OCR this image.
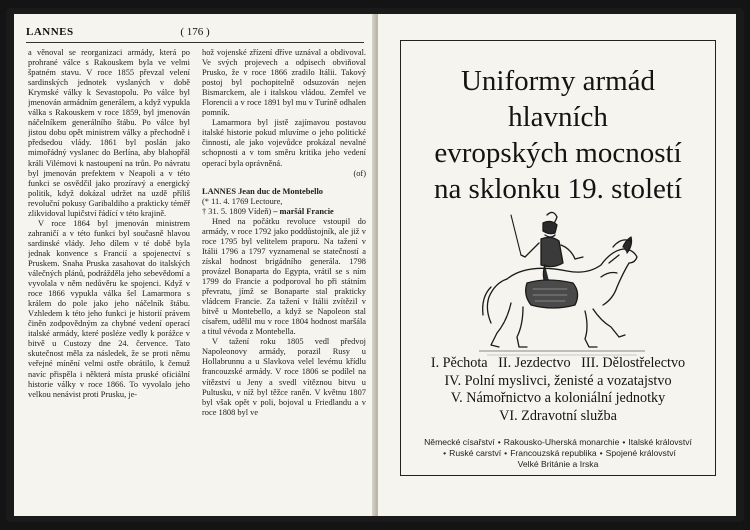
LANNES	( 176 )

a věnoval se reorganizaci armády, která po prohrané válce s Rakouskem byla ve velmi špatném stavu. V roce 1855 převzal velení sardinských jednotek vyslaných v době Krymské války k Sevastopolu. Po válce byl jmenován armádním generálem, a když vypukla válka s Rakouskem v roce 1859, byl jmenován náčelníkem generálního štábu. Po válce byl jistou dobu opět ministrem války a přechodně i předsedou vlády. 1861 byl poslán jako mimořádný vyslanec do Berlína, aby blahopřál králi Vilémovi k nastoupení na trůn. Po návratu byl jmenován prefektem v Neapoli a v této funkci se osvědčil jako prozíravý a energický politik, když dokázal udržet na uzdě příliš revoluční pokusy Garibaldiho a prakticky téměř zlikvidoval lupičství řádící v této krajině.

V roce 1864 byl jmenován ministrem zahraničí a v této funkci byl současně hlavou sardinské vlády. Jeho dílem v té době byla jednak konvence s Francií a spojenectví s Pruskem. Snaha Pruska zasahovat do italských válečných plánů, podrážděla jeho sebevědomí a vyvolala v něm nedůvěru ke spojenci. Když v roce 1866 vypukla válka šel Lamarmora s králem do pole jako jeho náčelník štábu. Vzhledem k této jeho funkci je historií právem činěn zodpovědným za chybné vedení operací italské armády, které posléze vedly k porážce v bitvě u Custozy dne 24. července. Tato skutečnost měla za následek, že se proti němu veřejné mínění velmi ostře obrátilo, k čemuž navíc přispěla i některá místa pruské oficiální historie války v roce 1866. To vyvolalo jeho velkou nenávist proti Prusku, je-

hož vojenské zřízení dříve uznával a obdivoval. Ve svých projevech a odpisech obviňoval Prusko, že v roce 1866 zradilo Itálii. Takový postoj byl pochopitelně odsuzován nejen Bismarckem, ale i italskou vládou. Zemřel ve Florencii a v roce 1891 byl mu v Turíně odhalen pomník.

Lamarmora byl jistě zajímavou postavou italské historie pokud mluvíme o jeho politické činnosti, ale jako vojevůdce prokázal nevalné schopnosti a v tom směru kritika jeho vedení operací byla oprávněná.

(of)

LANNES Jean duc de Montebello
(* 11. 4. 1769 Lectoure,
† 31. 5. 1809 Vídeň) – maršál Francie

Hned na počátku revoluce vstoupil do armády, v roce 1792 jako poddůstojník, ale již v roce 1795 byl velitelem praporu. Na tažení v Itálii 1796 a 1797 vyznamenal se statečností a získal hodnost brigádního generála. 1798 provázel Bonaparta do Egypta, vrátil se s ním 1799 do Francie a podporoval ho při státním převratu, jímž se Bonaparte stal prakticky vládcem Francie. Za tažení v Itálii zvítězil v bitvě u Montebello, a když se Napoleon stal císařem, udělil mu v roce 1804 hodnost maršála a titul vévoda z Montebella.

V tažení roku 1805 vedl předvoj Napoleonovy armády, porazil Rusy u Hollabrunnu a u Slavkova velel levému křídlu francouzské armády. V roce 1806 se podílel na vítězství u Jeny a svedl vítěznou bitvu u Pultusku, v níž byl těžce raněn. V květnu 1807 byl však opět v poli, bojoval u Friedlandu a v roce 1808 byl ve

Uniformy armád
hlavních
evropských mocností
na sklonku 19. století
I. Pěchota II. Jezdectvo III. Dělostřelectvo
IV. Polní myslivci, ženisté a vozatajstvo
V. Námořnictvo a koloniální jednotky
VI. Zdravotní služba
Německé císařství • Rakousko-Uherská monarchie • Italské království
• Ruské carství • Francouzská republika • Spojené království
Velké Británie a Irska
